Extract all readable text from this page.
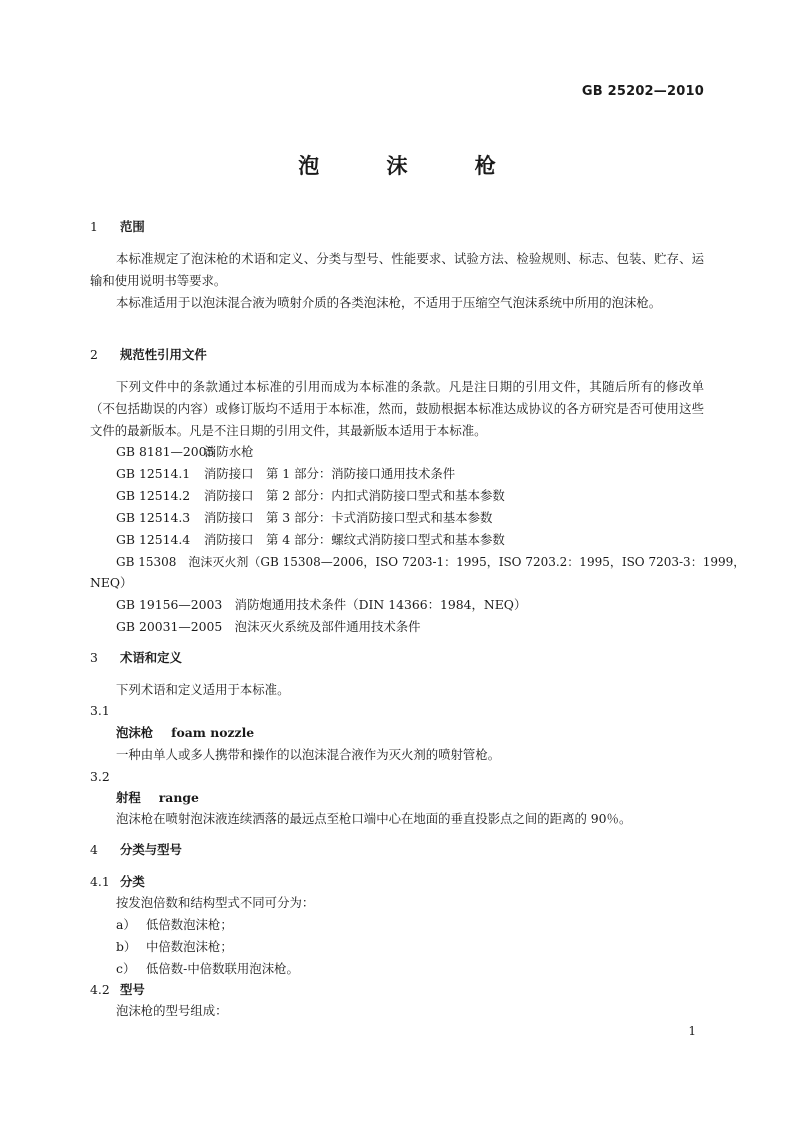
GB 25202—2010
泡 沫 枪
1 范围
本标准规定了泡沫枪的术语和定义、分类与型号、性能要求、试验方法、检验规则、标志、包装、贮存、运输和使用说明书等要求。
本标准适用于以泡沫混合液为喷射介质的各类泡沫枪，不适用于压缩空气泡沫系统中所用的泡沫枪。
2 规范性引用文件
下列文件中的条款通过本标准的引用而成为本标准的条款。凡是注日期的引用文件，其随后所有的修改单（不包括勘误的内容）或修订版均不适用于本标准，然而，鼓励根据本标准达成协议的各方研究是否可使用这些文件的最新版本。凡是不注日期的引用文件，其最新版本适用于本标准。
GB 8181—2005消防水枪
GB 12514.1 消防接口　第 1 部分：消防接口通用技术条件
GB 12514.2 消防接口　第 2 部分：内扣式消防接口型式和基本参数
GB 12514.3 消防接口　第 3 部分：卡式消防接口型式和基本参数
GB 12514.4 消防接口　第 4 部分：螺纹式消防接口型式和基本参数
GB 15308　泡沫灭火剂（GB 15308—2006，ISO 7203-1：1995，ISO 7203.2：1995，ISO 7203-3：1999，
NEQ）
GB 19156—2003　消防炮通用技术条件（DIN 14366：1984，NEQ）
GB 20031—2005　泡沫灭火系统及部件通用技术条件
3 术语和定义
下列术语和定义适用于本标准。
3.1
泡沫枪 foam nozzle
一种由单人或多人携带和操作的以泡沫混合液作为灭火剂的喷射管枪。
3.2
射程 range
泡沫枪在喷射泡沫液连续洒落的最远点至枪口端中心在地面的垂直投影点之间的距离的 90％。
4 分类与型号
4.1 分类
按发泡倍数和结构型式不同可分为：
a） 低倍数泡沫枪；
b） 中倍数泡沫枪；
c） 低倍数-中倍数联用泡沫枪。
4.2 型号
泡沫枪的型号组成：
1
